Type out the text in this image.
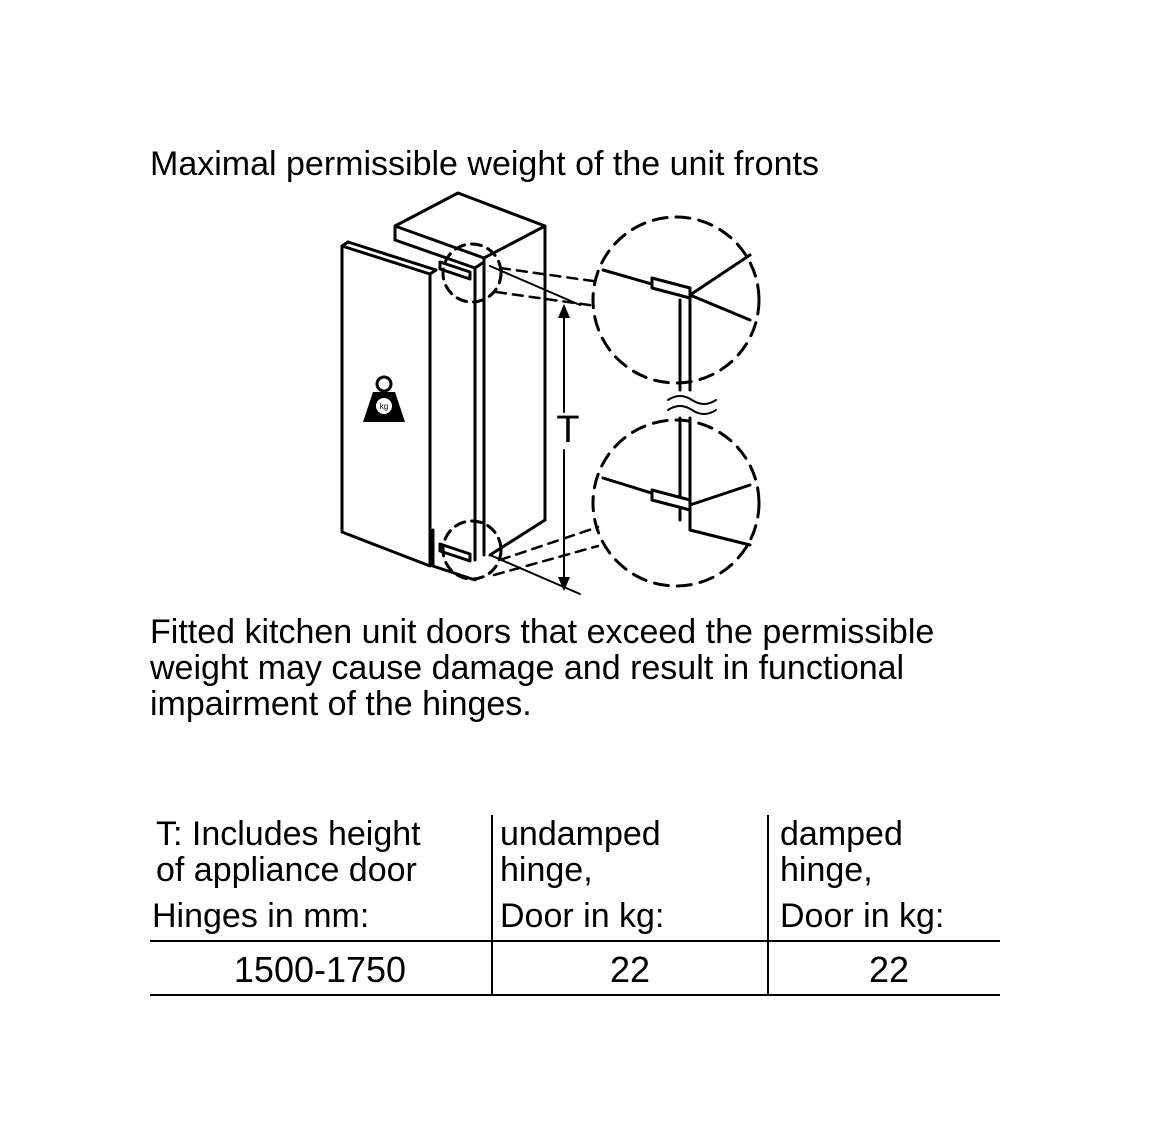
Maximal permissible weight of the unit fronts
kg
T
Fitted kitchen unit doors that exceed the permissible
weight may cause damage and result in functional
impairment of the hinges.
T: Includes height
of appliance door
Hinges in mm:
undamped
hinge,
Door in kg:
damped
hinge,
Door in kg:
1500-1750	22	22
